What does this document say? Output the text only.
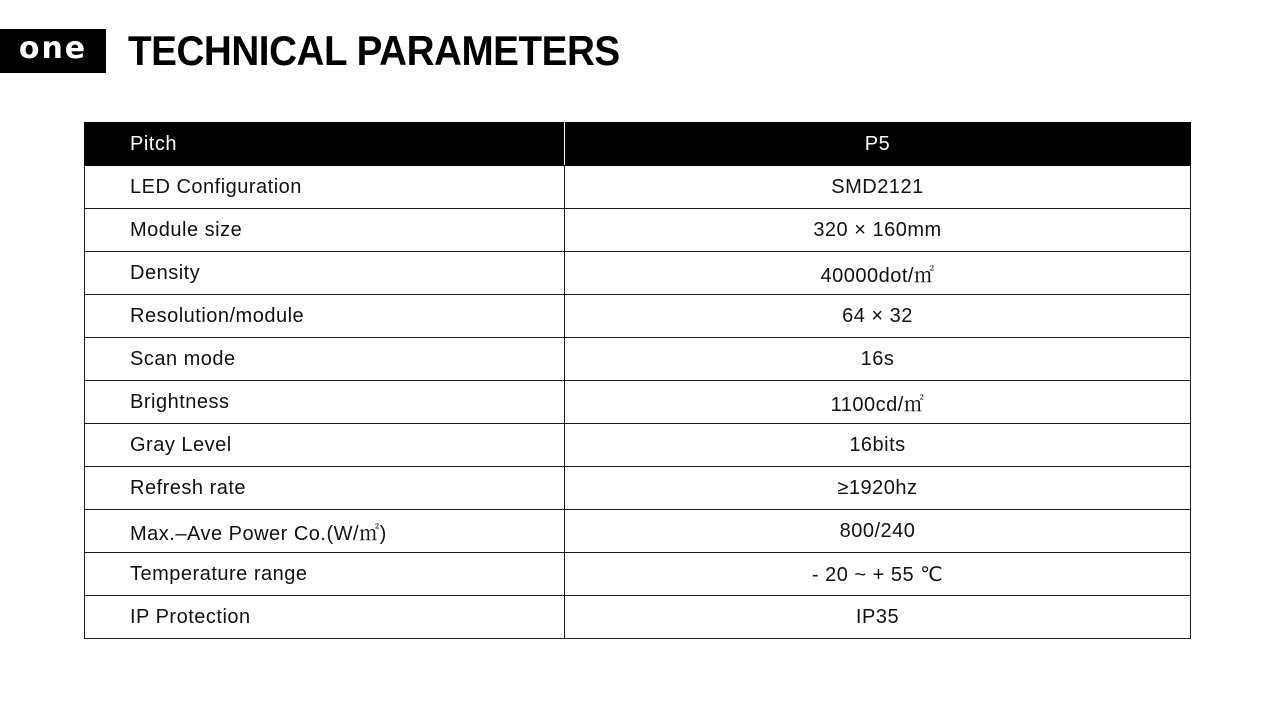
one TECHNICAL PARAMETERS
Pitch	P5
LED Configuration	SMD2121
Module size	320 × 160mm
Density	40000dot/㎡
Resolution/module	64 × 32
Scan mode	16s
Brightness	1100cd/㎡
Gray Level	16bits
Refresh rate	≥1920hz
Max.–Ave Power Co.(W/㎡)	800/240
Temperature range	- 20 ~ + 55 ℃
IP Protection	IP35
